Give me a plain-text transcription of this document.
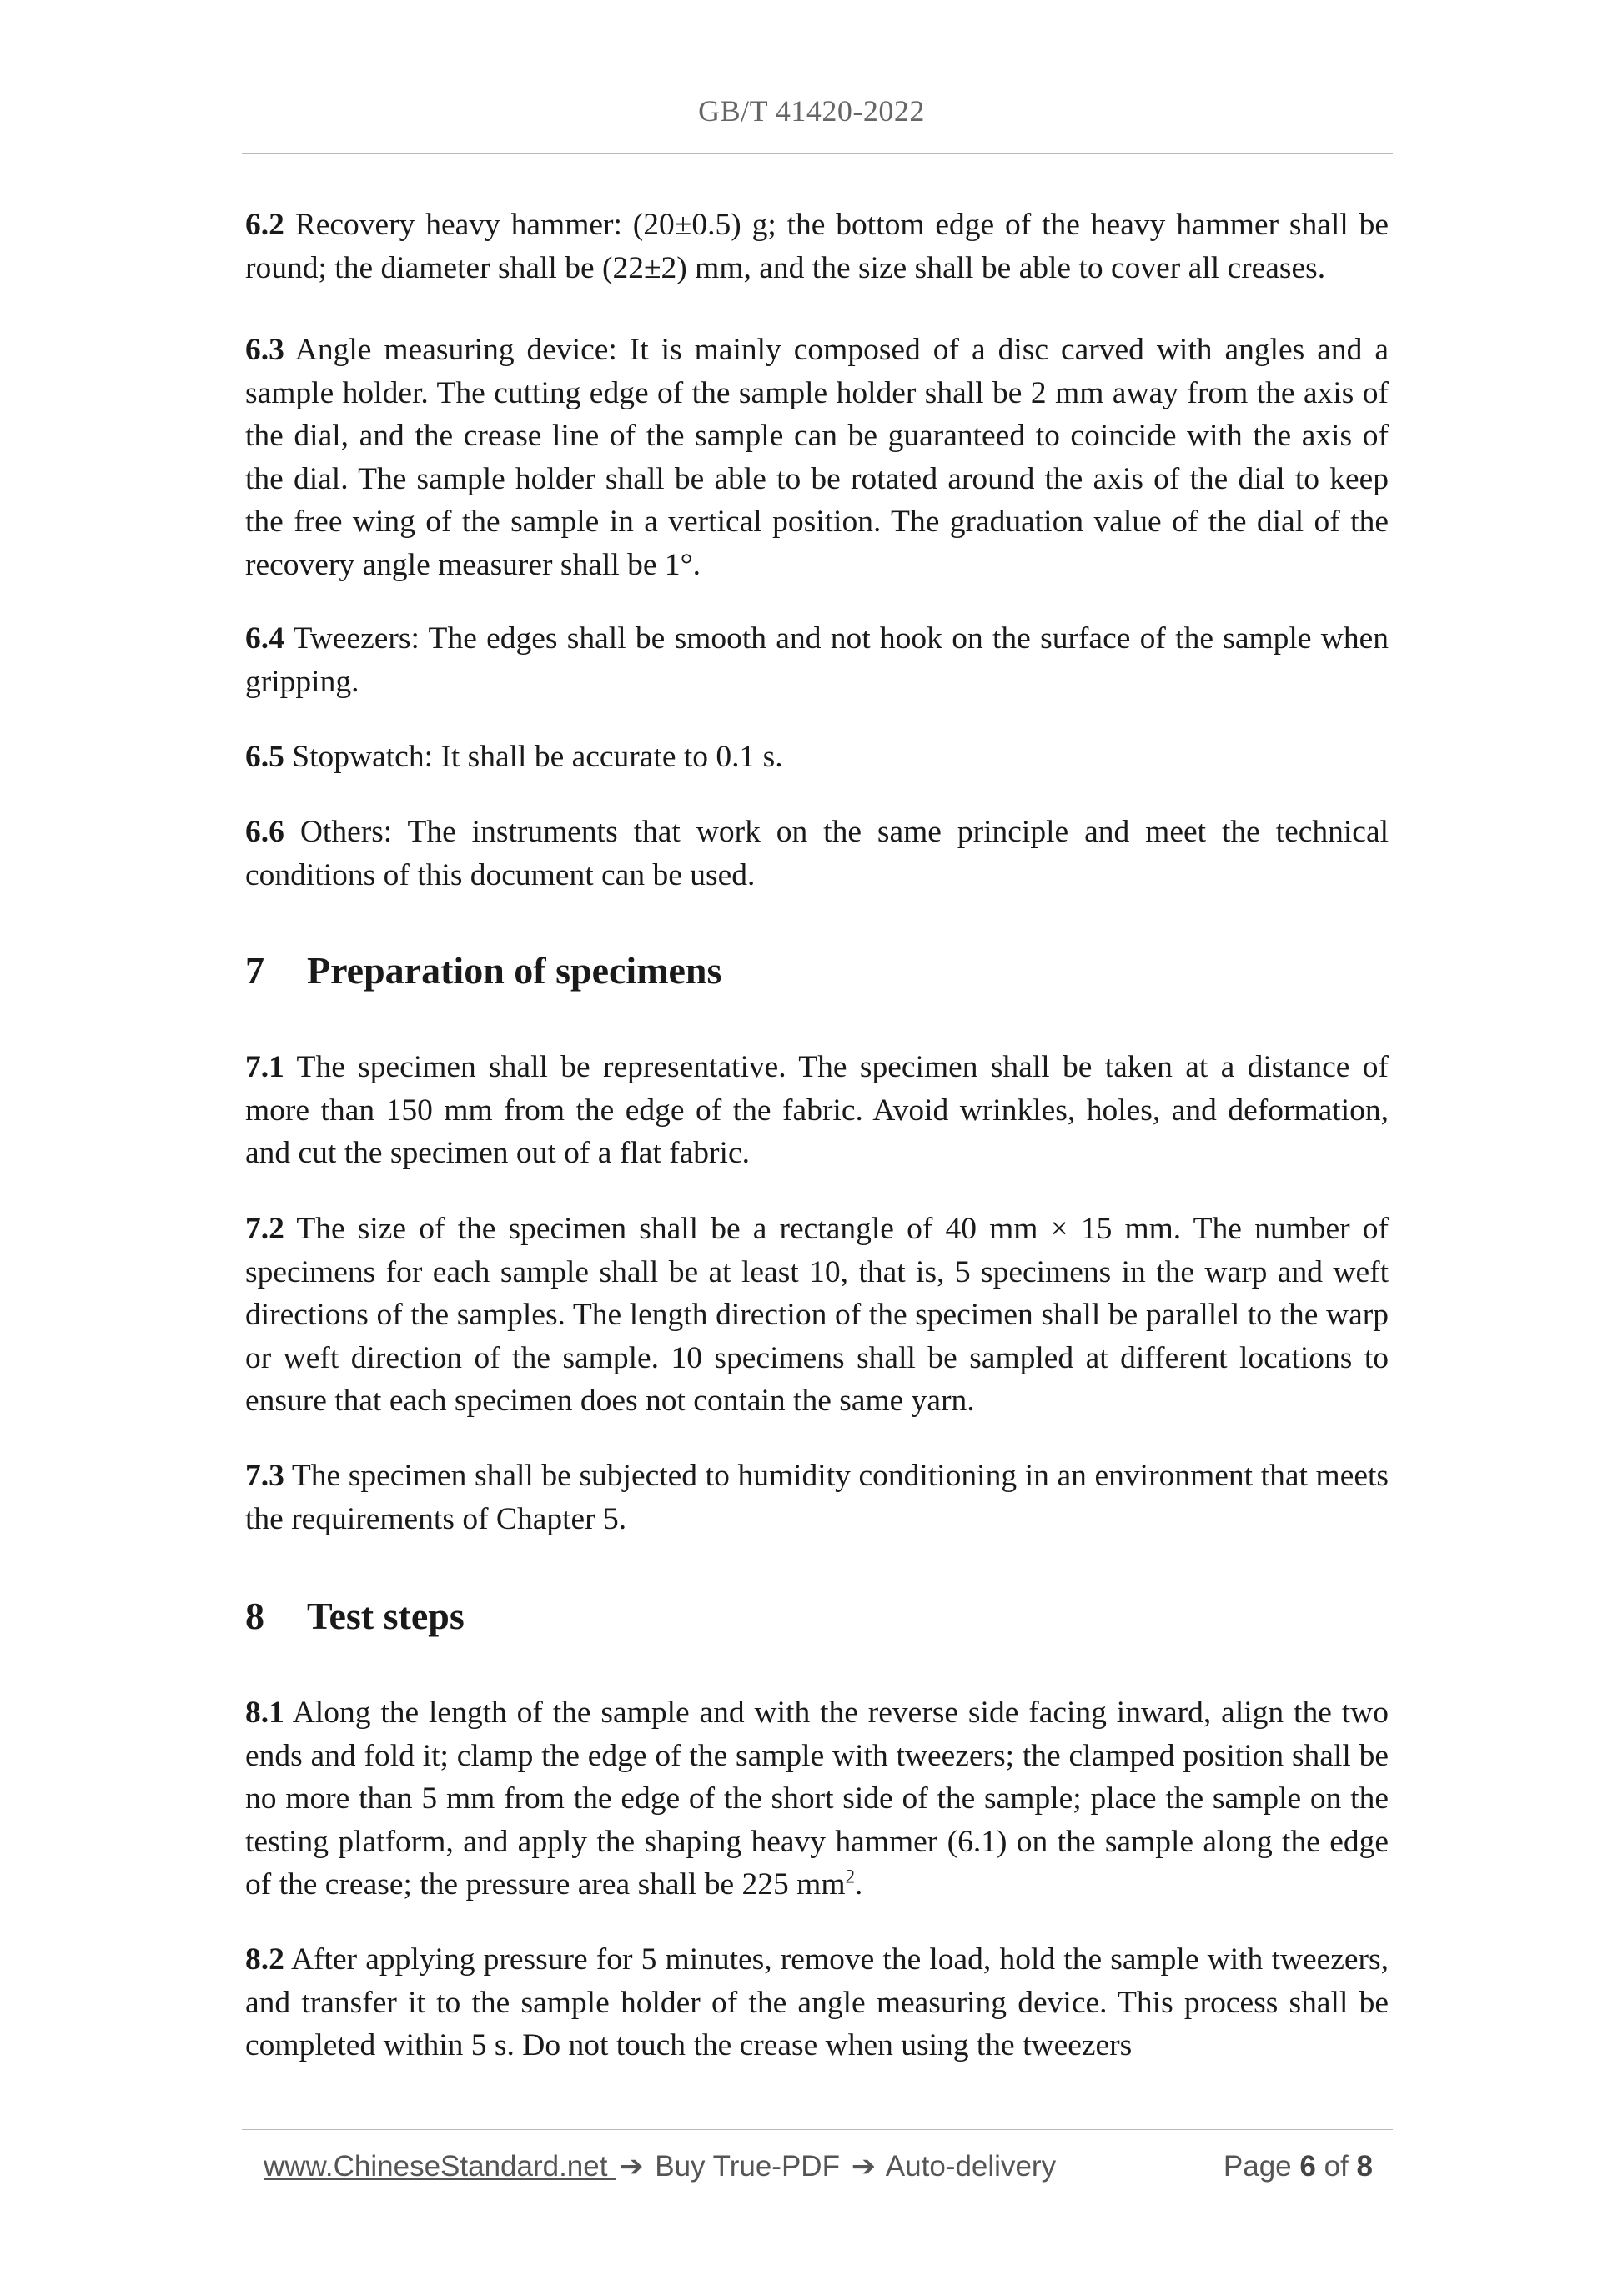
GB/T 41420-2022

6.2 Recovery heavy hammer: (20±0.5) g; the bottom edge of the heavy hammer shall be round; the diameter shall be (22±2) mm, and the size shall be able to cover all creases.

6.3 Angle measuring device: It is mainly composed of a disc carved with angles and a sample holder. The cutting edge of the sample holder shall be 2 mm away from the axis of the dial, and the crease line of the sample can be guaranteed to coincide with the axis of the dial. The sample holder shall be able to be rotated around the axis of the dial to keep the free wing of the sample in a vertical position. The graduation value of the dial of the recovery angle measurer shall be 1°.

6.4 Tweezers: The edges shall be smooth and not hook on the surface of the sample when gripping.

6.5 Stopwatch: It shall be accurate to 0.1 s.

6.6 Others: The instruments that work on the same principle and meet the technical conditions of this document can be used.

7 Preparation of specimens

7.1 The specimen shall be representative. The specimen shall be taken at a distance of more than 150 mm from the edge of the fabric. Avoid wrinkles, holes, and deformation, and cut the specimen out of a flat fabric.

7.2 The size of the specimen shall be a rectangle of 40 mm × 15 mm. The number of specimens for each sample shall be at least 10, that is, 5 specimens in the warp and weft directions of the samples. The length direction of the specimen shall be parallel to the warp or weft direction of the sample. 10 specimens shall be sampled at different locations to ensure that each specimen does not contain the same yarn.

7.3 The specimen shall be subjected to humidity conditioning in an environment that meets the requirements of Chapter 5.

8 Test steps

8.1 Along the length of the sample and with the reverse side facing inward, align the two ends and fold it; clamp the edge of the sample with tweezers; the clamped position shall be no more than 5 mm from the edge of the short side of the sample; place the sample on the testing platform, and apply the shaping heavy hammer (6.1) on the sample along the edge of the crease; the pressure area shall be 225 $mm^2$.

8.2 After applying pressure for 5 minutes, remove the load, hold the sample with tweezers, and transfer it to the sample holder of the angle measuring device. This process shall be completed within 5 s. Do not touch the crease when using the tweezers

www.ChineseStandard.net ➔ Buy True-PDF ➔ Auto-delivery	Page 6 of 8
